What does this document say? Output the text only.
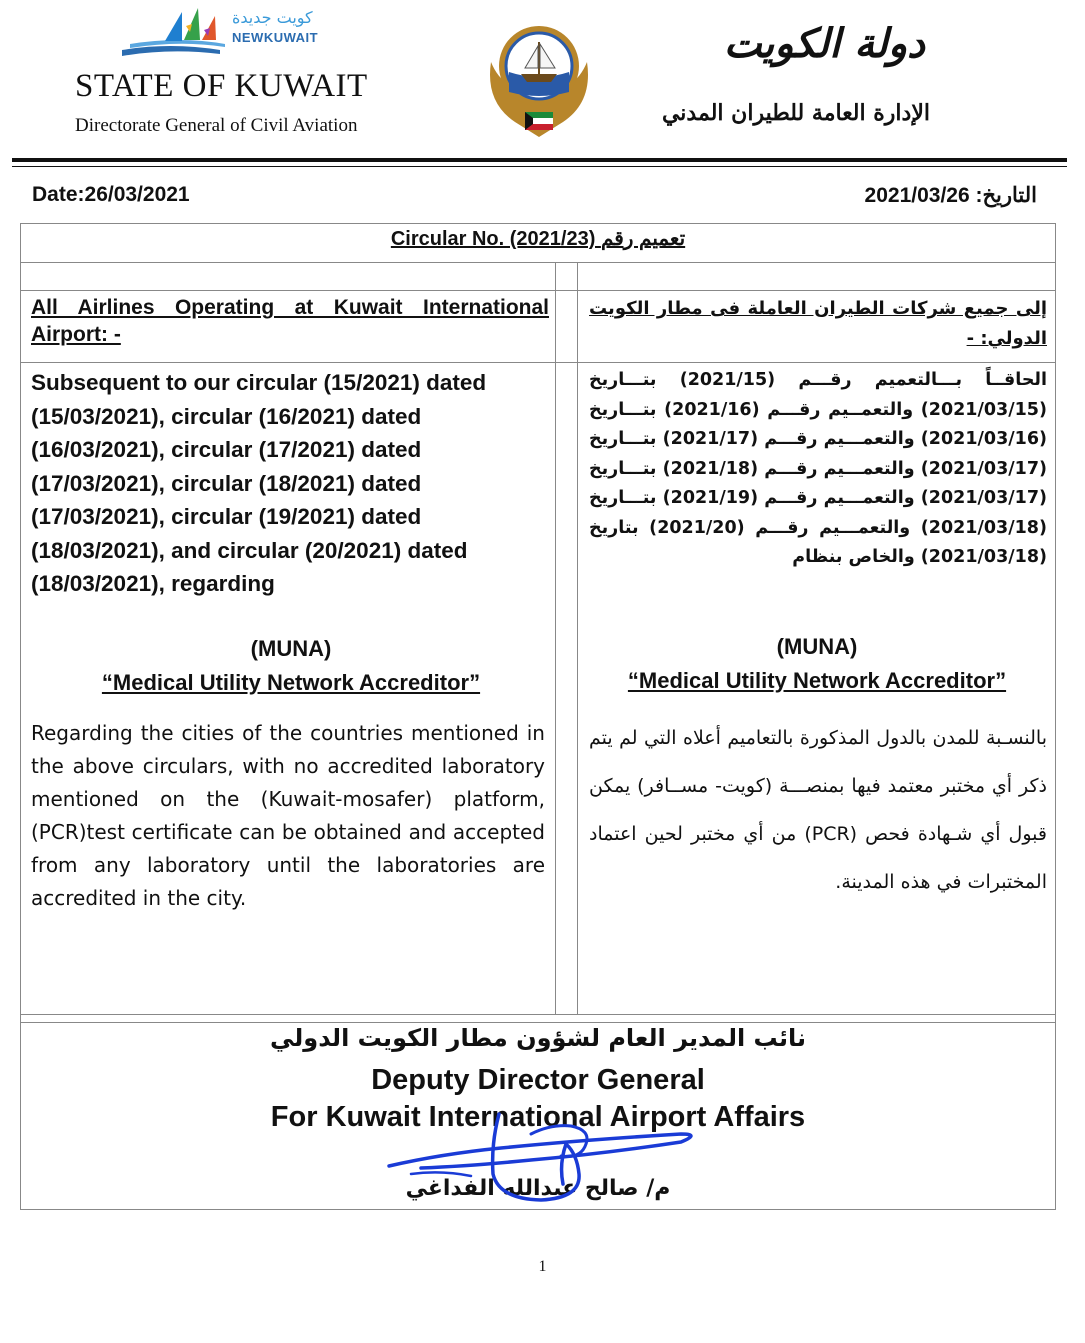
كويت جديدة
NEWKUWAIT
STATE OF KUWAIT
Directorate General of Civil Aviation
دولة الكويت
الإدارة العامة للطيران المدني
Date:26/03/2021	التاريخ: 2021/03/26
Circular No. (2021/23) تعميم رقم
All Airlines Operating at Kuwait International Airport: -
إلى جميع شركات الطيران العاملة فى مطار الكويت الدولي: -
Subsequent to our circular (15/2021) dated (15/03/2021), circular (16/2021) dated (16/03/2021), circular (17/2021) dated (17/03/2021), circular (18/2021) dated (17/03/2021), circular (19/2021) dated (18/03/2021), and circular (20/2021) dated (18/03/2021), regarding
الحاقــاً بـــالتعميم رقـــم (2021/15) بتـــاريخ (2021/03/15) والتعمــيم رقـــم (2021/16) بتـــاريخ (2021/03/16) والتعمـــيم رقـــم (2021/17) بتـــاريخ (2021/03/17) والتعمـــيم رقـــم (2021/18) بتـــاريخ (2021/03/17) والتعمـــيم رقـــم (2021/19) بتـــاريخ (2021/03/18) والتعمـــيم رقـــم (2021/20) بتاريخ (2021/03/18) والخاص بنظام
(MUNA)
“Medical Utility Network Accreditor”
(MUNA)
“Medical Utility Network Accreditor”
Regarding the cities of the countries mentioned in the above circulars, with no accredited laboratory mentioned on the (Kuwait-mosafer) platform, (PCR)test certificate can be obtained and accepted from any laboratory until the laboratories are accredited in the city.
بالنسـبة للمدن بالدول المذكورة بالتعاميم أعلاه التي لم يتم ذكر أي مختبر معتمد فيها بمنصـــة (كويت- مســافر) يمكن قبول أي شـهادة فحص (PCR) من أي مختبر لحين اعتماد المختبرات في هذه المدينة.
نائب المدير العام لشؤون مطار الكويت الدولي
Deputy Director General
For Kuwait International Airport Affairs
م/ صالح عبدالله الفداغي
1
